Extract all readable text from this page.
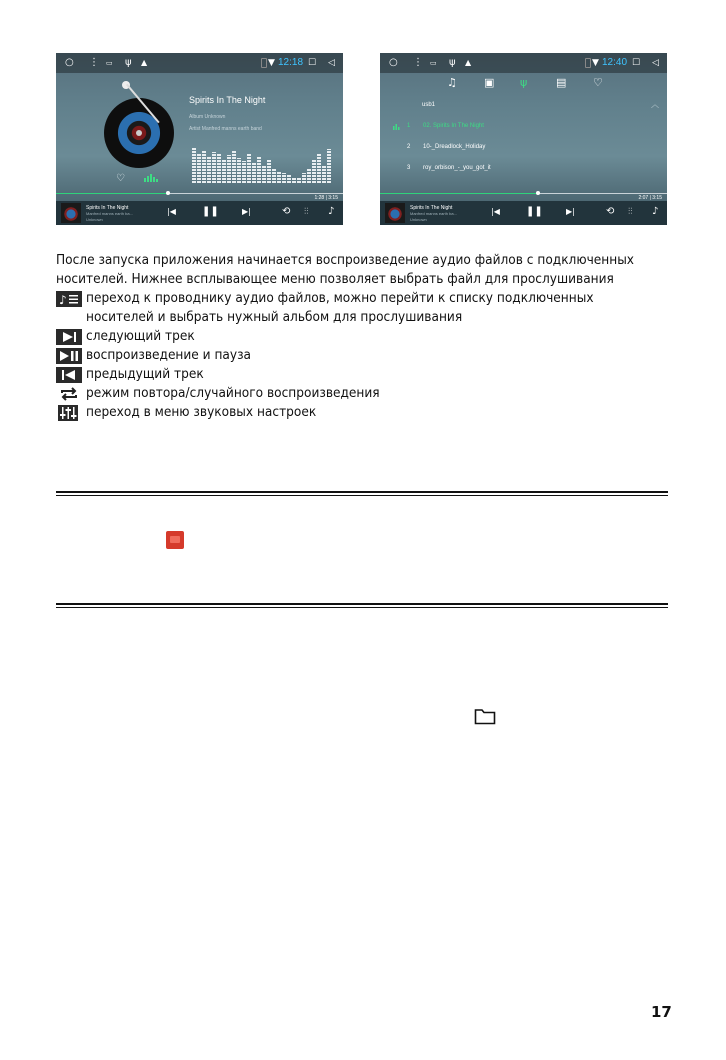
○ ⋮ ▭ ψ ▲	▼ 12:18 ☐ ◁
Spirits In The Night
Album Unknown
Artist Manfred manns earth band
♡
1:28 | 3:15
Spirits In The Night
Manfred manns earth ba...
Unknown
|◀	❚❚	▶|	⟲ ⫶⫶ ♪
○ ⋮ ▭ ψ ▲	▼ 12:40 ☐ ◁
♫ ▣ ψ	▤ ♡
usb1	︿
1 02. Spirits In The Night
2 10-_Dreadlock_Holiday
3 roy_orbison_-_you_got_it
2:07 | 3:15
Spirits In The Night
Manfred manns earth ba...
Unknown
|◀	❚❚	▶|	⟲ ⫶⫶ ♪
После запуска приложения начинается воспроизведение аудио файлов с подключенных
носителей. Нижнее всплывающее меню позволяет выбрать файл для прослушивания
♪ переход к проводнику аудио файлов, можно перейти к списку подключенных
носителей и выбрать нужный альбом для прослушивания
следующий трек
воспроизведение и пауза
предыдущий трек
режим повтора/случайного воспроизведения
переход в меню звуковых настроек
17
